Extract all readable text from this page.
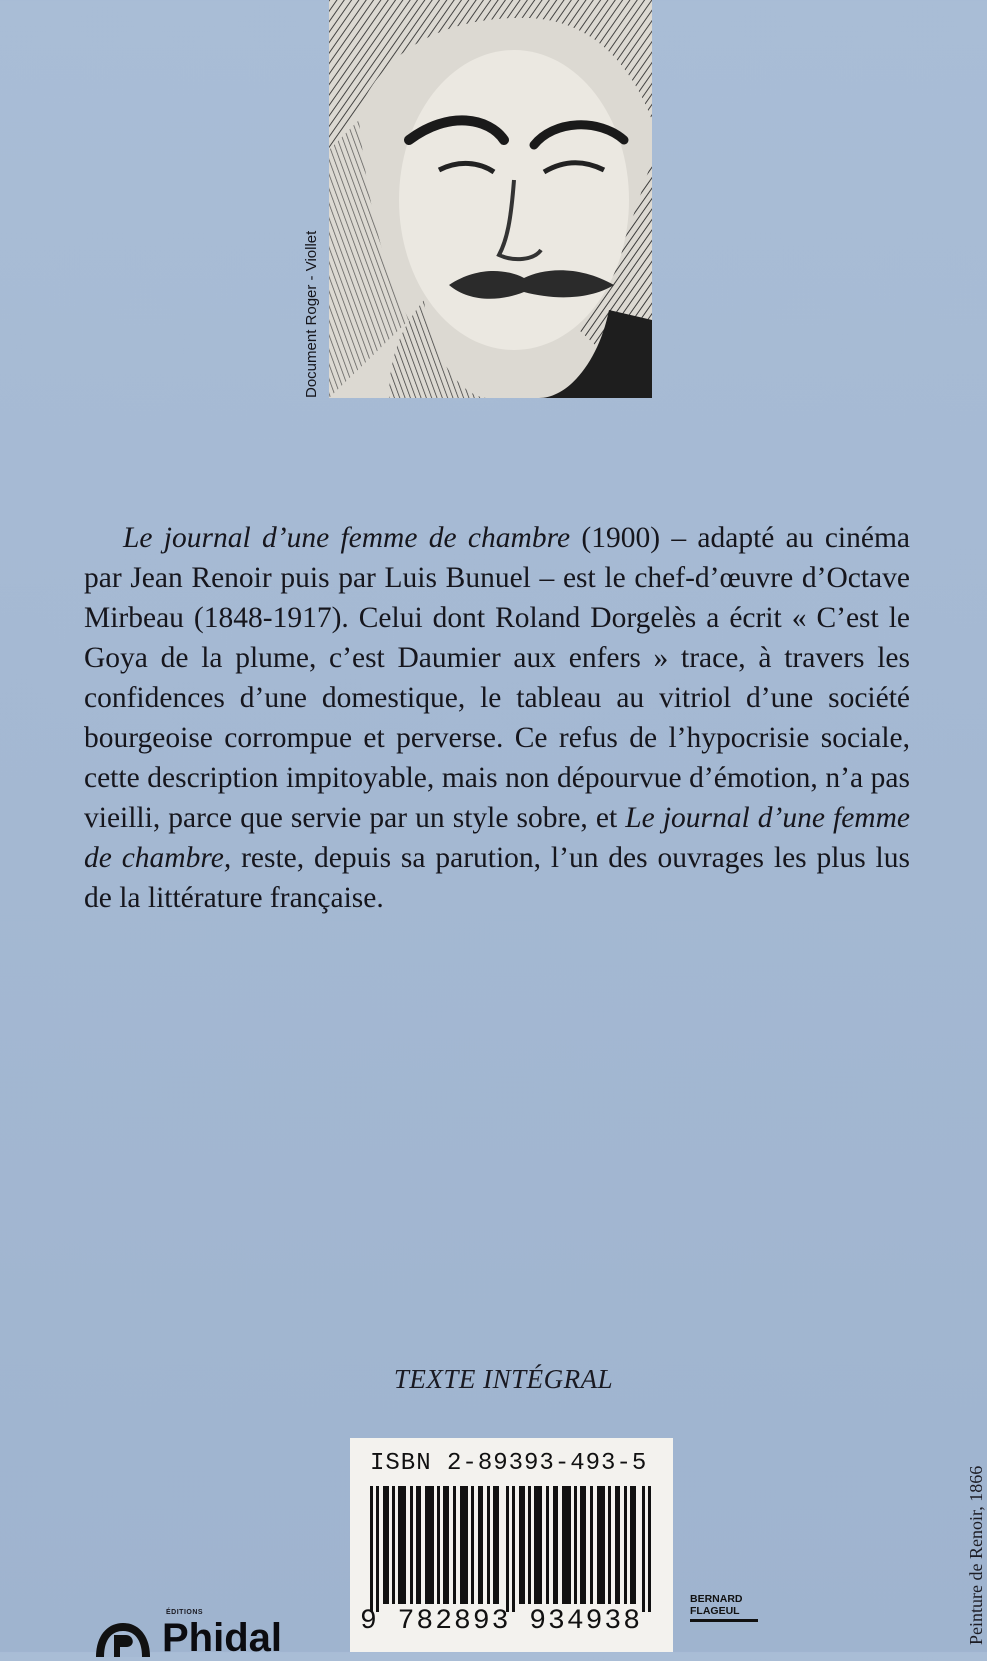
Document Roger - Viollet

Le journal d’une femme de chambre (1900) – adapté au cinéma par Jean Renoir puis par Luis Bunuel – est le chef-d’œuvre d’Octave Mirbeau (1848-1917). Celui dont Roland Dorgelès a écrit « C’est le Goya de la plume, c’est Daumier aux enfers » trace, à travers les confidences d’une domestique, le tableau au vitriol d’une société bourgeoise corrompue et perverse. Ce refus de l’hypocrisie sociale, cette description impitoyable, mais non dépourvue d’émotion, n’a pas vieilli, parce que servie par un style sobre, et Le journal d’une femme de chambre, reste, depuis sa parution, l’un des ouvrages les plus lus de la littérature française.

TEXTE INTÉGRAL
Peinture de Renoir, 1866
ISBN 2-89393-493-5
9 782893 934938
BERNARD
FLAGEUL
ÉDITIONS
Phidal
